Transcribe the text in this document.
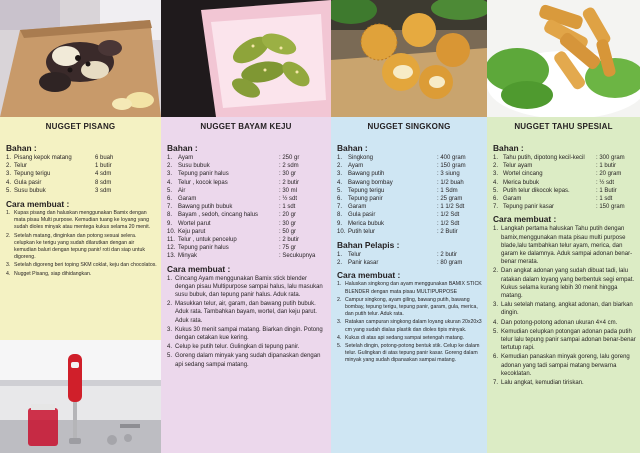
NUGGET PISANG
Bahan :
1. Pisang kepok matang	6 buah
2. Telur	1 butir
3. Tepung terigu	4 sdm
4. Gula pasir	8 sdm
5. Susu bubuk	3 sdm
Cara membuat :
1. Kupas pisang dan haluskan menggunakan Bamix dengan mata pisau Multi purpose. Kemudian tuang ke loyang yang sudah dioles minyak atau mentega kukus selama 20 menit.
2. Setelah matang, dinginkan dan potong sesuai selera. celupkan ke terigu yang sudah dilarutkan dengan air kemudian baluri dengan tepung panir/ roti dan siap untuk digoreng.
3. Setelah digoreng beri toping SKM coklat, keju dan chocolatos.
4. Nugget Pisang, siap dihidangkan.
NUGGET BAYAM KEJU
Bahan :
1. Ayam	: 250 gr
2. Susu bubuk	: 2 sdm
3. Tepung panir halus	: 30 gr
4. Telur , kocok lepas	: 2 butir
5. Air	: 30 ml
6. Garam	: ½ sdt
7. Bawang putih bubuk	: 1 sdt
8. Bayam , sedoh, cincang halus	: 20 gr
9. Wortel parut	: 30 gr
10. Keju parut	: 50 gr
11. Telur , untuk pencelup	: 2 butir
12. Tepung panir halus	: 75 gr
13. Minyak	: Secukupnya
Cara membuat :
1. Cincang Ayam menggunakan Bamix stick blender dengan pisau Multipurpose sampai halus, lalu masukan susu bubuk, dan tepung panir halus. Aduk rata.
2. Masukkan telur, air, garam, dan bawang putih bubuk. Aduk rata. Tambahkan bayam, wortel, dan keju parut. Aduk rata.
3. Kukus 30 menit sampai matang. Biarkan dingin. Potong dengan cetakan kue kering.
4. Celup ke putih telur. Gulingkan di tepung panir.
5. Goreng dalam minyak yang sudah dipanaskan dengan api sedang sampai matang.
NUGGET SINGKONG
Bahan :
1. Singkong	: 400 gram
2. Ayam	: 150 gram
3. Bawang putih	: 3 siung
4. Bawang bombay	: 1/2 buah
5. Tepung terigu	: 1 Sdm
6. Tepung panir	: 25 gram
7. Garam	: 1 1/2 Sdt
8. Gula pasir	: 1/2 Sdt
9. Merica bubuk	: 1/2 Sdt
10. Putih telur	: 2 Butir
Bahan Pelapis :
1. Telur	: 2 butir
2. Panir kasar	: 80 gram
Cara membuat :
1. Haluskan singkong dan ayam menggunakan BAMIX STICK BLENDER dengan mata pisau MULTIPURPOSE
2. Campur singkong, ayam giling, bawang putih, bawang bombay, tepung terigu, tepung panir, garam, gula, merica, dan putih telur. Aduk rata.
3. Ratakan campuran singkong dalam loyang ukuran 20x20x3 cm yang sudah dialas plastik dan dioles tipis minyak.
4. Kukus di atas api sedang sampai setengah matang.
5. Setelah dingin, potong-potong bentuk stik. Celup ke dalam telur. Gulingkan di atas tepung panir kasar. Goreng dalam minyak yang sudah dipanaskan sampai matang.
NUGGET TAHU SPESIAL
Bahan :
1. Tahu putih, dipotong kecil-kecil	: 300 gram
2. Telur ayam	: 1 butir
3. Wortel cincang	: 20 gram
4. Merica bubuk	: ½ sdt
5. Putih telur dikocok lepas.	: 1 Butir
6. Garam	: 1 sdt
7. Tepung panir kasar	: 150 gram
Cara membuat :
1. Langkah pertama haluskan Tahu putih dengan bamix,menggunakan mata pisau multi purpose blade,lalu tambahkan telur ayam, merica, dan garam ke dalamnya. Aduk sampai adonan benar-benar merata.
2. Dan angkat adonan yang sudah dibuat tadi, lalu ratakan dalam loyang yang berbentuk segi empat. Kukus selama kurang lebih 30 menit hingga matang.
3. Lalu setelah matang, angkat adonan, dan biarkan dingin.
4. Dan potong-potong adonan ukuran 4×4 cm.
5. Kemudian celupkan potongan adonan pada putih telur lalu tepung panir sampai adonan benar-benar tertutup rapi.
6. Kemudian panaskan minyak goreng, lalu goreng adonan yang tadi sampai matang berwarna kecoklatan.
7. Lalu angkat, kemudian tiriskan.
